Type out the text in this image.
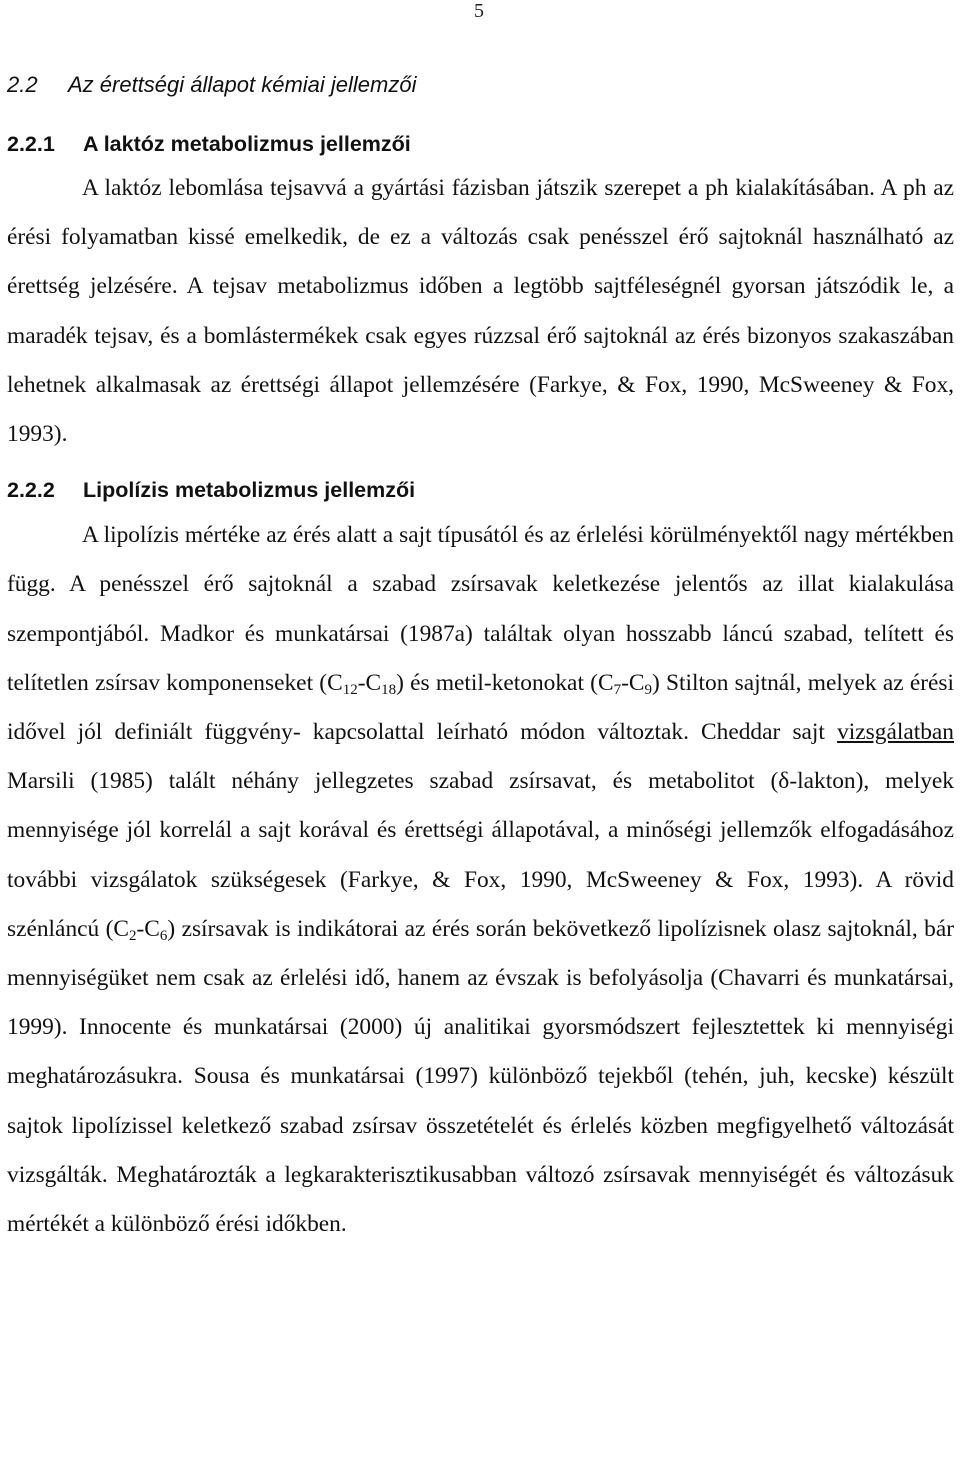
5
2.2 Az érettségi állapot kémiai jellemzői
2.2.1 A laktóz metabolizmus jellemzői

A laktóz lebomlása tejsavvá a gyártási fázisban játszik szerepet a ph kialakításában. A ph az érési folyamatban kissé emelkedik, de ez a változás csak penésszel érő sajtoknál használható az érettség jelzésére. A tejsav metabolizmus időben a legtöbb sajtféleségnél gyorsan játszódik le, a maradék tejsav, és a bomlástermékek csak egyes rúzzsal érő sajtoknál az érés bizonyos szakaszában lehetnek alkalmasak az érettségi állapot jellemzésére (Farkye, & Fox, 1990, McSweeney & Fox, 1993).

2.2.2 Lipolízis metabolizmus jellemzői

A lipolízis mértéke az érés alatt a sajt típusától és az érlelési körülményektől nagy mértékben függ. A penésszel érő sajtoknál a szabad zsírsavak keletkezése jelentős az illat kialakulása szempontjából. Madkor és munkatársai (1987a) találtak olyan hosszabb láncú szabad, telített és telítetlen zsírsav komponenseket $(C_{12}-C_{18})$ és metil-ketonokat $(C_7-C_9)$ Stilton sajtnál, melyek az érési idővel jól definiált függvény- kapcsolattal leírható módon változtak. Cheddar sajt vizsgálatban Marsili (1985) talált néhány jellegzetes szabad zsírsavat, és metabolitot (δ-lakton), melyek mennyisége jól korrelál a sajt korával és érettségi állapotával, a minőségi jellemzők elfogadásához további vizsgálatok szükségesek (Farkye, & Fox, 1990, McSweeney & Fox, 1993). A rövid szénláncú $(C_2-C_6)$ zsírsavak is indikátorai az érés során bekövetkező lipolízisnek olasz sajtoknál, bár mennyiségüket nem csak az érlelési idő, hanem az évszak is befolyásolja (Chavarri és munkatársai, 1999). Innocente és munkatársai (2000) új analitikai gyorsmódszert fejlesztettek ki mennyiségi meghatározásukra. Sousa és munkatársai (1997) különböző tejekből (tehén, juh, kecske) készült sajtok lipolízissel keletkező szabad zsírsav összetételét és érlelés közben megfigyelhető változását vizsgálták. Meghatározták a legkarakterisztikusabban változó zsírsavak mennyiségét és változásuk mértékét a különböző érési időkben.
